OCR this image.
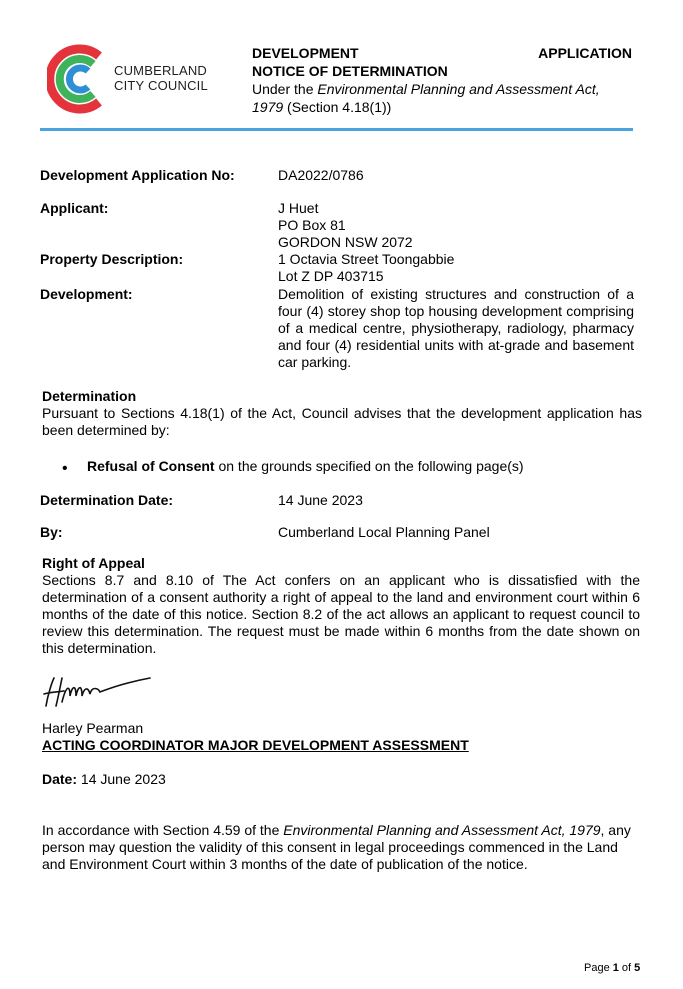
CUMBERLAND
CITY COUNCIL
DEVELOPMENT	APPLICATION
NOTICE OF DETERMINATION
Under the Environmental Planning and Assessment Act, 1979 (Section 4.18(1))
Development Application No:	DA2022/0786
Applicant:	J Huet
PO Box 81
GORDON NSW 2072
Property Description:	1 Octavia Street Toongabbie
Lot Z DP 403715
Development:	Demolition of existing structures and construction of a four (4) storey shop top housing development comprising of a medical centre, physiotherapy, radiology, pharmacy and four (4) residential units with at-grade and basement car parking.
Determination
Pursuant to Sections 4.18(1) of the Act, Council advises that the development application has been determined by:
• Refusal of Consent on the grounds specified on the following page(s)
Determination Date:	14 June 2023
By:	Cumberland Local Planning Panel
Right of Appeal
Sections 8.7 and 8.10 of The Act confers on an applicant who is dissatisfied with the determination of a consent authority a right of appeal to the land and environment court within 6 months of the date of this notice. Section 8.2 of the act allows an applicant to request council to review this determination. The request must be made within 6 months from the date shown on this determination.
Harley Pearman
ACTING COORDINATOR MAJOR DEVELOPMENT ASSESSMENT
Date: 14 June 2023
In accordance with Section 4.59 of the Environmental Planning and Assessment Act, 1979, any person may question the validity of this consent in legal proceedings commenced in the Land and Environment Court within 3 months of the date of publication of the notice.
Page 1 of 5
